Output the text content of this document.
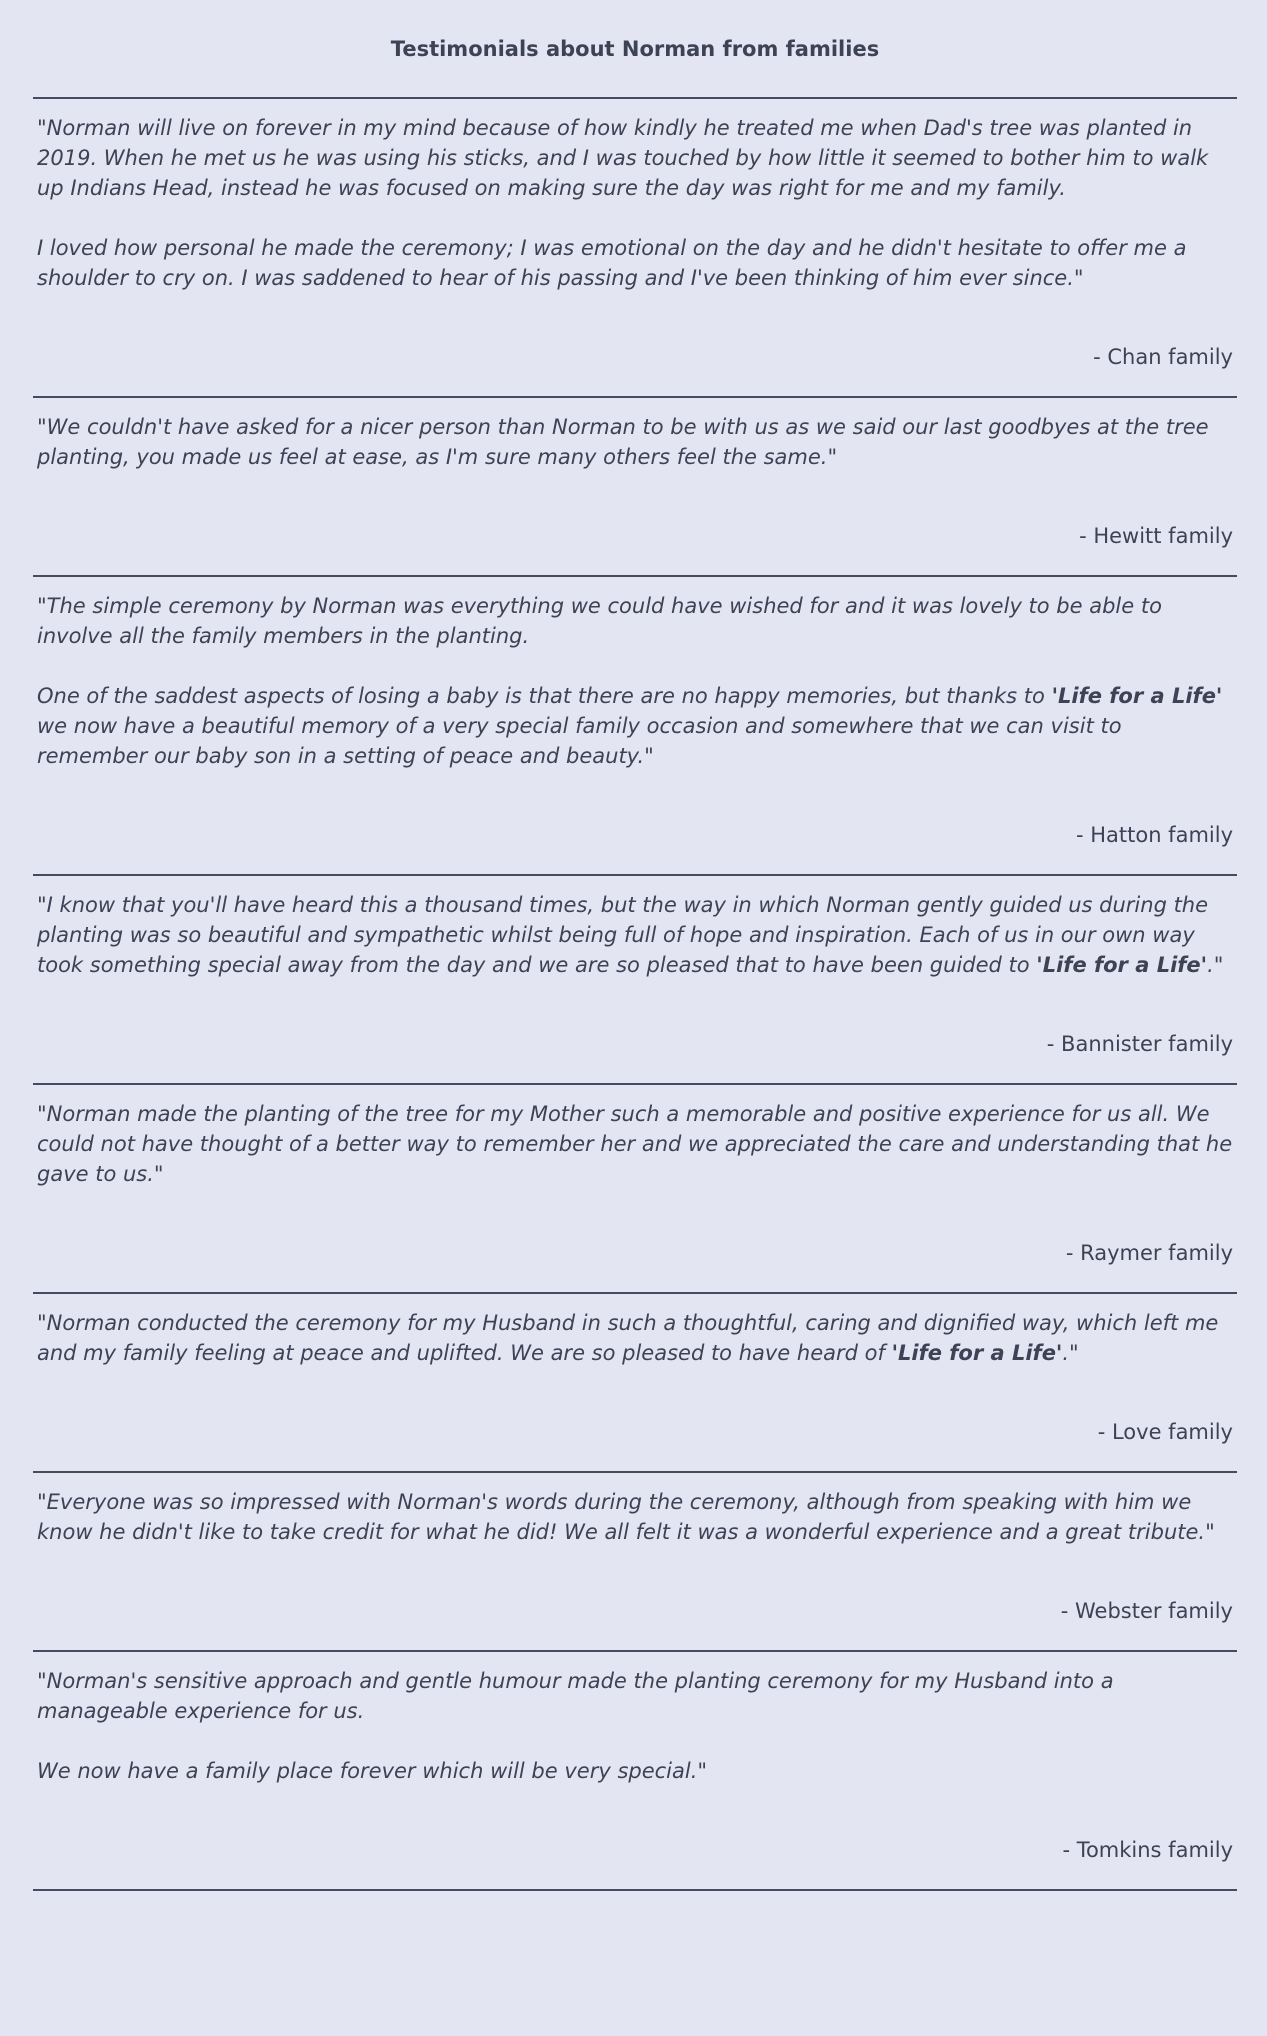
Testimonials about Norman from families

"Norman will live on forever in my mind because of how kindly he treated me when Dad's tree was planted in 2019. When he met us he was using his sticks, and I was touched by how little it seemed to bother him to walk up Indians Head, instead he was focused on making sure the day was right for me and my family.

I loved how personal he made the ceremony; I was emotional on the day and he didn't hesitate to offer me a shoulder to cry on. I was saddened to hear of his passing and I've been thinking of him ever since."

- Chan family

"We couldn't have asked for a nicer person than Norman to be with us as we said our last goodbyes at the tree planting, you made us feel at ease, as I'm sure many others feel the same."

- Hewitt family

"The simple ceremony by Norman was everything we could have wished for and it was lovely to be able to involve all the family members in the planting.

One of the saddest aspects of losing a baby is that there are no happy memories, but thanks to 'Life for a Life' we now have a beautiful memory of a very special family occasion and somewhere that we can visit to remember our baby son in a setting of peace and beauty."

- Hatton family

"I know that you'll have heard this a thousand times, but the way in which Norman gently guided us during the planting was so beautiful and sympathetic whilst being full of hope and inspiration. Each of us in our own way took something special away from the day and we are so pleased that to have been guided to 'Life for a Life'."

- Bannister family

"Norman made the planting of the tree for my Mother such a memorable and positive experience for us all. We could not have thought of a better way to remember her and we appreciated the care and understanding that he gave to us."

- Raymer family

"Norman conducted the ceremony for my Husband in such a thoughtful, caring and dignified way, which left me and my family feeling at peace and uplifted. We are so pleased to have heard of 'Life for a Life'."

- Love family

"Everyone was so impressed with Norman's words during the ceremony, although from speaking with him we know he didn't like to take credit for what he did! We all felt it was a wonderful experience and a great tribute."

- Webster family

"Norman's sensitive approach and gentle humour made the planting ceremony for my Husband into a manageable experience for us.

We now have a family place forever which will be very special."

- Tomkins family
